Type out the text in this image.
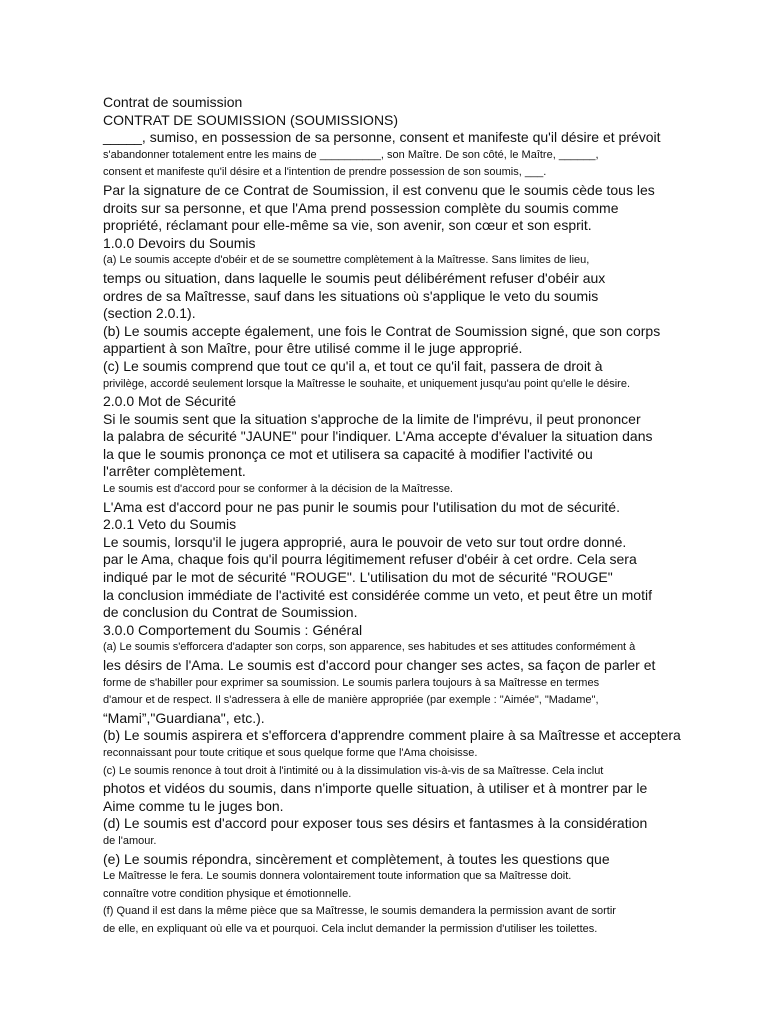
Contrat de soumission
CONTRAT DE SOUMISSION (SOUMISSIONS)
_____, sumiso, en possession de sa personne, consent et manifeste qu'il désire et prévoit
s'abandonner totalement entre les mains de __________, son Maître. De son côté, le Maître, ______,
consent et manifeste qu'il désire et a l'intention de prendre possession de son soumis, ___.
Par la signature de ce Contrat de Soumission, il est convenu que le soumis cède tous les
droits sur sa personne, et que l'Ama prend possession complète du soumis comme
propriété, réclamant pour elle-même sa vie, son avenir, son cœur et son esprit.
1.0.0 Devoirs du Soumis
(a) Le soumis accepte d'obéir et de se soumettre complètement à la Maîtresse. Sans limites de lieu,
temps ou situation, dans laquelle le soumis peut délibérément refuser d'obéir aux
ordres de sa Maîtresse, sauf dans les situations où s'applique le veto du soumis
(section 2.0.1).
(b) Le soumis accepte également, une fois le Contrat de Soumission signé, que son corps
appartient à son Maître, pour être utilisé comme il le juge approprié.
(c) Le soumis comprend que tout ce qu'il a, et tout ce qu'il fait, passera de droit à
privilège, accordé seulement lorsque la Maîtresse le souhaite, et uniquement jusqu'au point qu'elle le désire.
2.0.0 Mot de Sécurité
Si le soumis sent que la situation s'approche de la limite de l'imprévu, il peut prononcer
la palabra de sécurité "JAUNE" pour l'indiquer. L'Ama accepte d'évaluer la situation dans
la que le soumis prononça ce mot et utilisera sa capacité à modifier l'activité ou
l'arrêter complètement.
Le soumis est d'accord pour se conformer à la décision de la Maîtresse.
L'Ama est d'accord pour ne pas punir le soumis pour l'utilisation du mot de sécurité.
2.0.1 Veto du Soumis
Le soumis, lorsqu'il le jugera approprié, aura le pouvoir de veto sur tout ordre donné.
par le Ama, chaque fois qu'il pourra légitimement refuser d'obéir à cet ordre. Cela sera
indiqué par le mot de sécurité "ROUGE". L'utilisation du mot de sécurité "ROUGE"
la conclusion immédiate de l'activité est considérée comme un veto, et peut être un motif
de conclusion du Contrat de Soumission.
3.0.0 Comportement du Soumis : Général
(a) Le soumis s'efforcera d'adapter son corps, son apparence, ses habitudes et ses attitudes conformément à
les désirs de l'Ama. Le soumis est d'accord pour changer ses actes, sa façon de parler et
forme de s'habiller pour exprimer sa soumission. Le soumis parlera toujours à sa Maîtresse en termes
d'amour et de respect. Il s'adressera à elle de manière appropriée (par exemple : "Aimée", "Madame",
“Mami”,"Guardiana", etc.).
(b) Le soumis aspirera et s'efforcera d'apprendre comment plaire à sa Maîtresse et acceptera
reconnaissant pour toute critique et sous quelque forme que l'Ama choisisse.
(c) Le soumis renonce à tout droit à l'intimité ou à la dissimulation vis-à-vis de sa Maîtresse. Cela inclut
photos et vidéos du soumis, dans n'importe quelle situation, à utiliser et à montrer par le
Aime comme tu le juges bon.
(d) Le soumis est d'accord pour exposer tous ses désirs et fantasmes à la considération
de l'amour.
(e) Le soumis répondra, sincèrement et complètement, à toutes les questions que
Le Maîtresse le fera. Le soumis donnera volontairement toute information que sa Maîtresse doit.
connaître votre condition physique et émotionnelle.
(f) Quand il est dans la même pièce que sa Maîtresse, le soumis demandera la permission avant de sortir
de elle, en expliquant où elle va et pourquoi. Cela inclut demander la permission d'utiliser les toilettes.
